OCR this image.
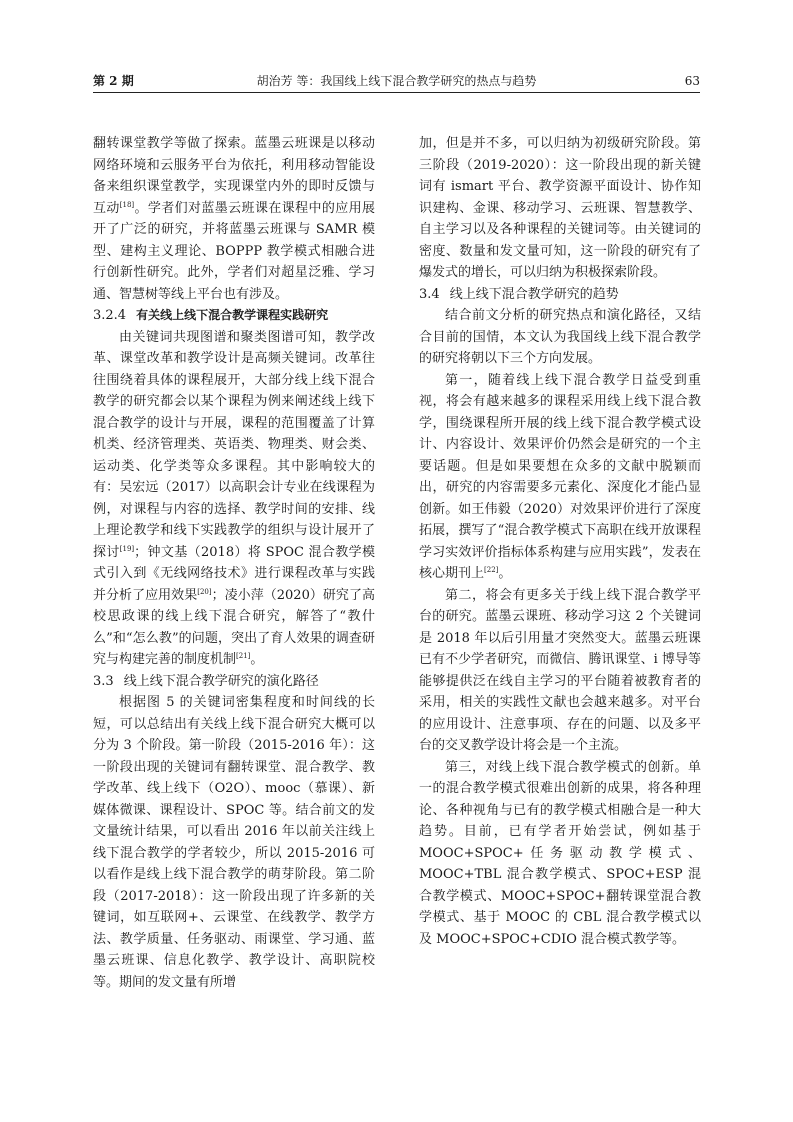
第 2 期	胡治芳 等：我国线上线下混合教学研究的热点与趋势	63

翻转课堂教学等做了探索。蓝墨云班课是以移动网络环境和云服务平台为依托，利用移动智能设备来组织课堂教学，实现课堂内外的即时反馈与互动[18]。学者们对蓝墨云班课在课程中的应用展开了广泛的研究，并将蓝墨云班课与 SAMR 模型、建构主义理论、BOPPP 教学模式相融合进行创新性研究。此外，学者们对超星泛雅、学习通、智慧树等线上平台也有涉及。

3.2.4 有关线上线下混合教学课程实践研究

由关键词共现图谱和聚类图谱可知，教学改革、课堂改革和教学设计是高频关键词。改革往往围绕着具体的课程展开，大部分线上线下混合教学的研究都会以某个课程为例来阐述线上线下混合教学的设计与开展，课程的范围覆盖了计算机类、经济管理类、英语类、物理类、财会类、运动类、化学类等众多课程。其中影响较大的有：吴宏远（2017）以高职会计专业在线课程为例，对课程与内容的选择、教学时间的安排、线上理论教学和线下实践教学的组织与设计展开了探讨[19]；钟文基（2018）将 SPOC 混合教学模式引入到《无线网络技术》进行课程改革与实践并分析了应用效果[20]；凌小萍（2020）研究了高校思政课的线上线下混合研究，解答了“教什么”和“怎么教”的问题，突出了育人效果的调查研究与构建完善的制度机制[21]。

3.3 线上线下混合教学研究的演化路径

根据图 5 的关键词密集程度和时间线的长短，可以总结出有关线上线下混合研究大概可以分为 3 个阶段。第一阶段（2015-2016 年）：这一阶段出现的关键词有翻转课堂、混合教学、教学改革、线上线下（O2O）、mooc（慕课）、新媒体微课、课程设计、SPOC 等。结合前文的发文量统计结果，可以看出 2016 年以前关注线上线下混合教学的学者较少，所以 2015-2016 可以看作是线上线下混合教学的萌芽阶段。第二阶段（2017-2018）：这一阶段出现了许多新的关键词，如互联网+、云课堂、在线教学、教学方法、教学质量、任务驱动、雨课堂、学习通、蓝墨云班课、信息化教学、教学设计、高职院校等。期间的发文量有所增

加，但是并不多，可以归纳为初级研究阶段。第三阶段（2019-2020）：这一阶段出现的新关键词有 ismart 平台、教学资源平面设计、协作知识建构、金课、移动学习、云班课、智慧教学、自主学习以及各种课程的关键词等。由关键词的密度、数量和发文量可知，这一阶段的研究有了爆发式的增长，可以归纳为积极探索阶段。

3.4 线上线下混合教学研究的趋势

结合前文分析的研究热点和演化路径，又结合目前的国情，本文认为我国线上线下混合教学的研究将朝以下三个方向发展。

第一，随着线上线下混合教学日益受到重视，将会有越来越多的课程采用线上线下混合教学，围绕课程所开展的线上线下混合教学模式设计、内容设计、效果评价仍然会是研究的一个主要话题。但是如果要想在众多的文献中脱颖而出，研究的内容需要多元素化、深度化才能凸显创新。如王伟毅（2020）对效果评价进行了深度拓展，撰写了“混合教学模式下高职在线开放课程学习实效评价指标体系构建与应用实践”，发表在核心期刊上[22]。

第二，将会有更多关于线上线下混合教学平台的研究。蓝墨云课班、移动学习这 2 个关键词是 2018 年以后引用量才突然变大。蓝墨云班课已有不少学者研究，而微信、腾讯课堂、i 博导等能够提供泛在线自主学习的平台随着被教育者的采用，相关的实践性文献也会越来越多。对平台的应用设计、注意事项、存在的问题、以及多平台的交叉教学设计将会是一个主流。

第三，对线上线下混合教学模式的创新。单一的混合教学模式很难出创新的成果，将各种理论、各种视角与已有的教学模式相融合是一种大趋势。目前，已有学者开始尝试，例如基于 MOOC+SPOC+任务驱动教学模式、MOOC+TBL 混合教学模式、SPOC+ESP 混合教学模式、MOOC+SPOC+翻转课堂混合教学模式、基于 MOOC 的 CBL 混合教学模式以及 MOOC+SPOC+CDIO 混合模式教学等。
